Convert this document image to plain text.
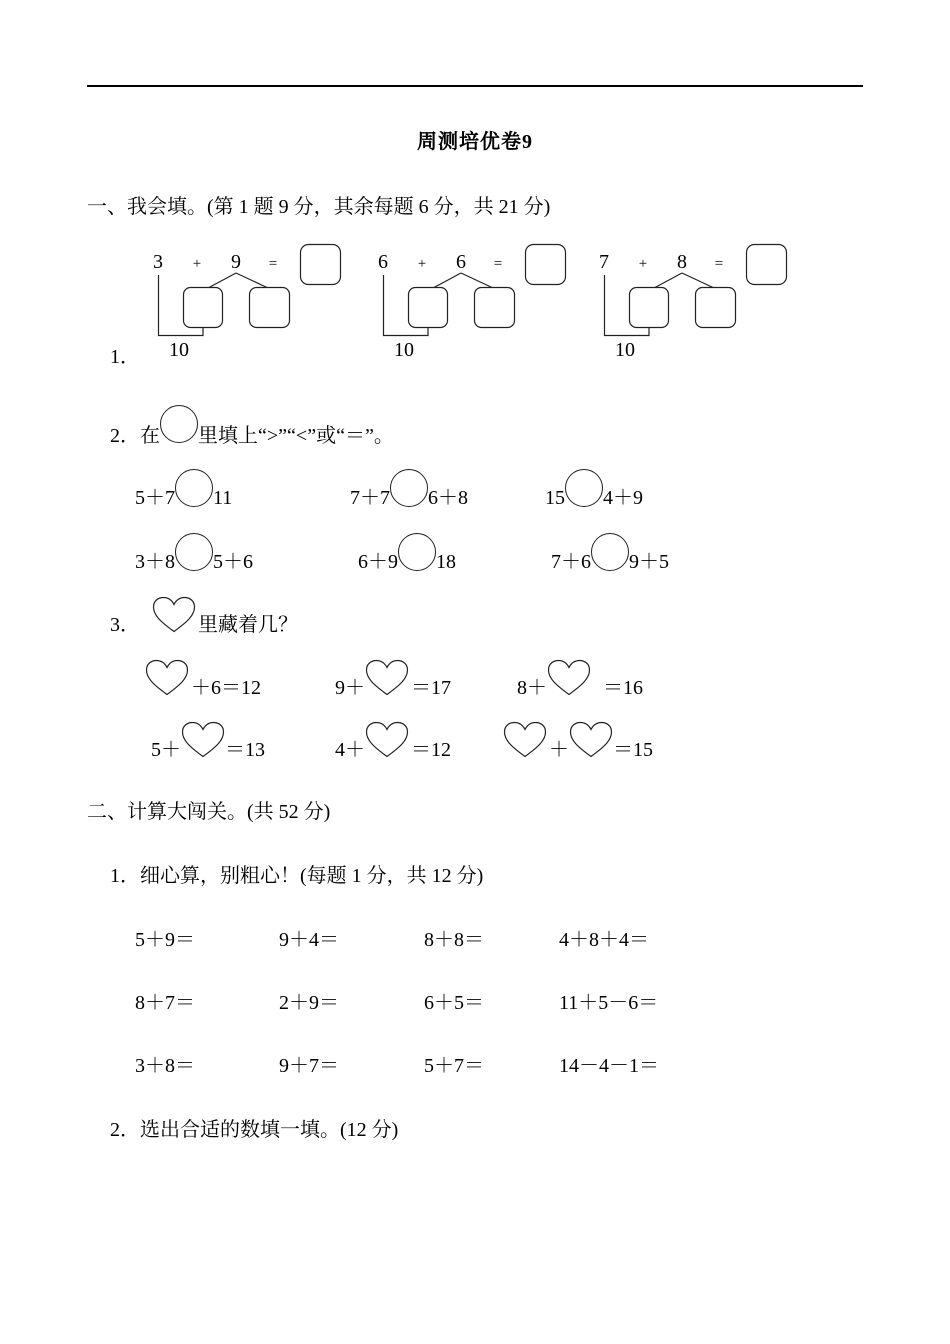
周测培优卷9
一、我会填。(第 1 题 9 分，其余每题 6 分，共 21 分)
3 + 9 =
10
6 + 6 =
10
7 + 8 =
10
1．
2．在 里填上“>”“<”或“＝”。
5＋7 11	7＋7 6＋8	15 4＋9
3＋8 5＋6	6＋9 18	7＋6 9＋5
3．	里藏着几？
＋6＝12	9＋ ＝17	8＋	＝16
5＋ ＝13	4＋ ＝12	＋ ＝15
二、计算大闯关。(共 52 分)
1．细心算，别粗心！(每题 1 分，共 12 分)
5＋9＝	9＋4＝	8＋8＝	4＋8＋4＝
8＋7＝	2＋9＝	6＋5＝	11＋5－6＝
3＋8＝	9＋7＝	5＋7＝	14－4－1＝
2．选出合适的数填一填。(12 分)
